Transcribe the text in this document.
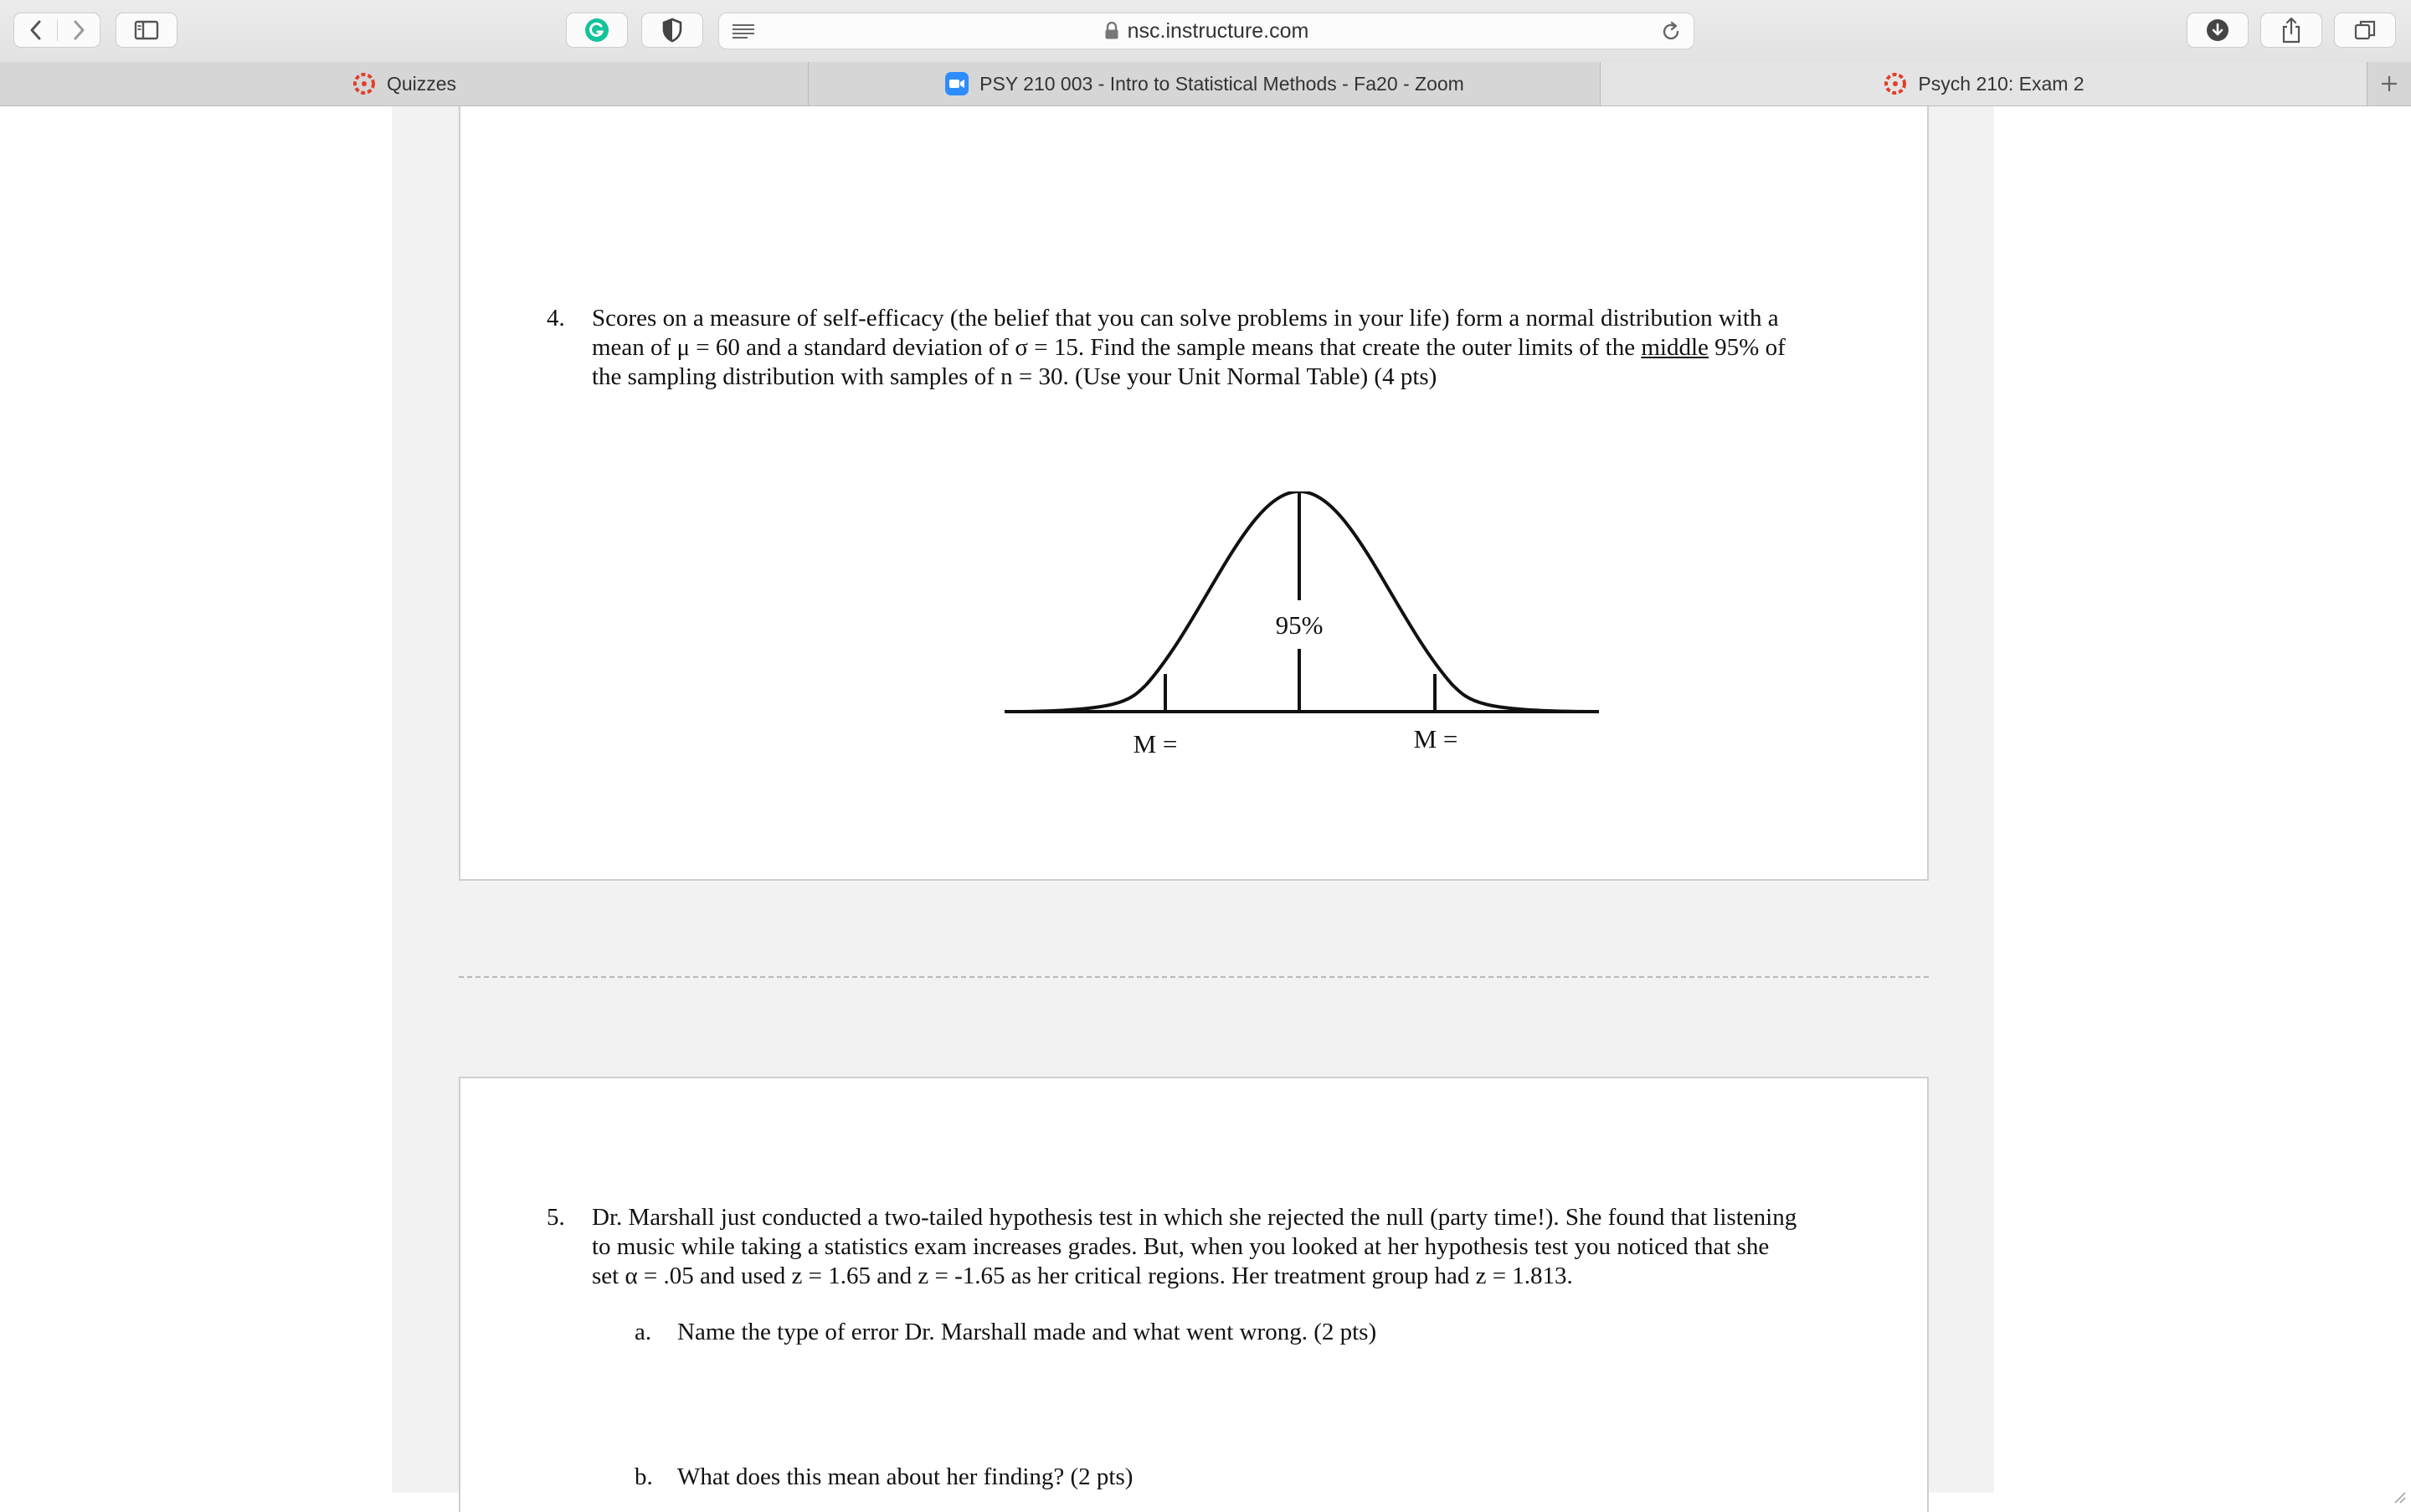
nsc.instructure.com
Quizzes	PSY 210 003 - Intro to Statistical Methods - Fa20 - Zoom	Psych 210: Exam 2
4. Scores on a measure of self-efficacy (the belief that you can solve problems in your life) form a normal distribution with a
mean of μ = 60 and a standard deviation of σ = 15. Find the sample means that create the outer limits of the middle 95% of
the sampling distribution with samples of n = 30. (Use your Unit Normal Table) (4 pts)
95%
M =	M =
5. Dr. Marshall just conducted a two-tailed hypothesis test in which she rejected the null (party time!). She found that listening
to music while taking a statistics exam increases grades. But, when you looked at her hypothesis test you noticed that she
set α = .05 and used z = 1.65 and z = -1.65 as her critical regions. Her treatment group had z = 1.813.
a. Name the type of error Dr. Marshall made and what went wrong. (2 pts)
b. What does this mean about her finding? (2 pts)
